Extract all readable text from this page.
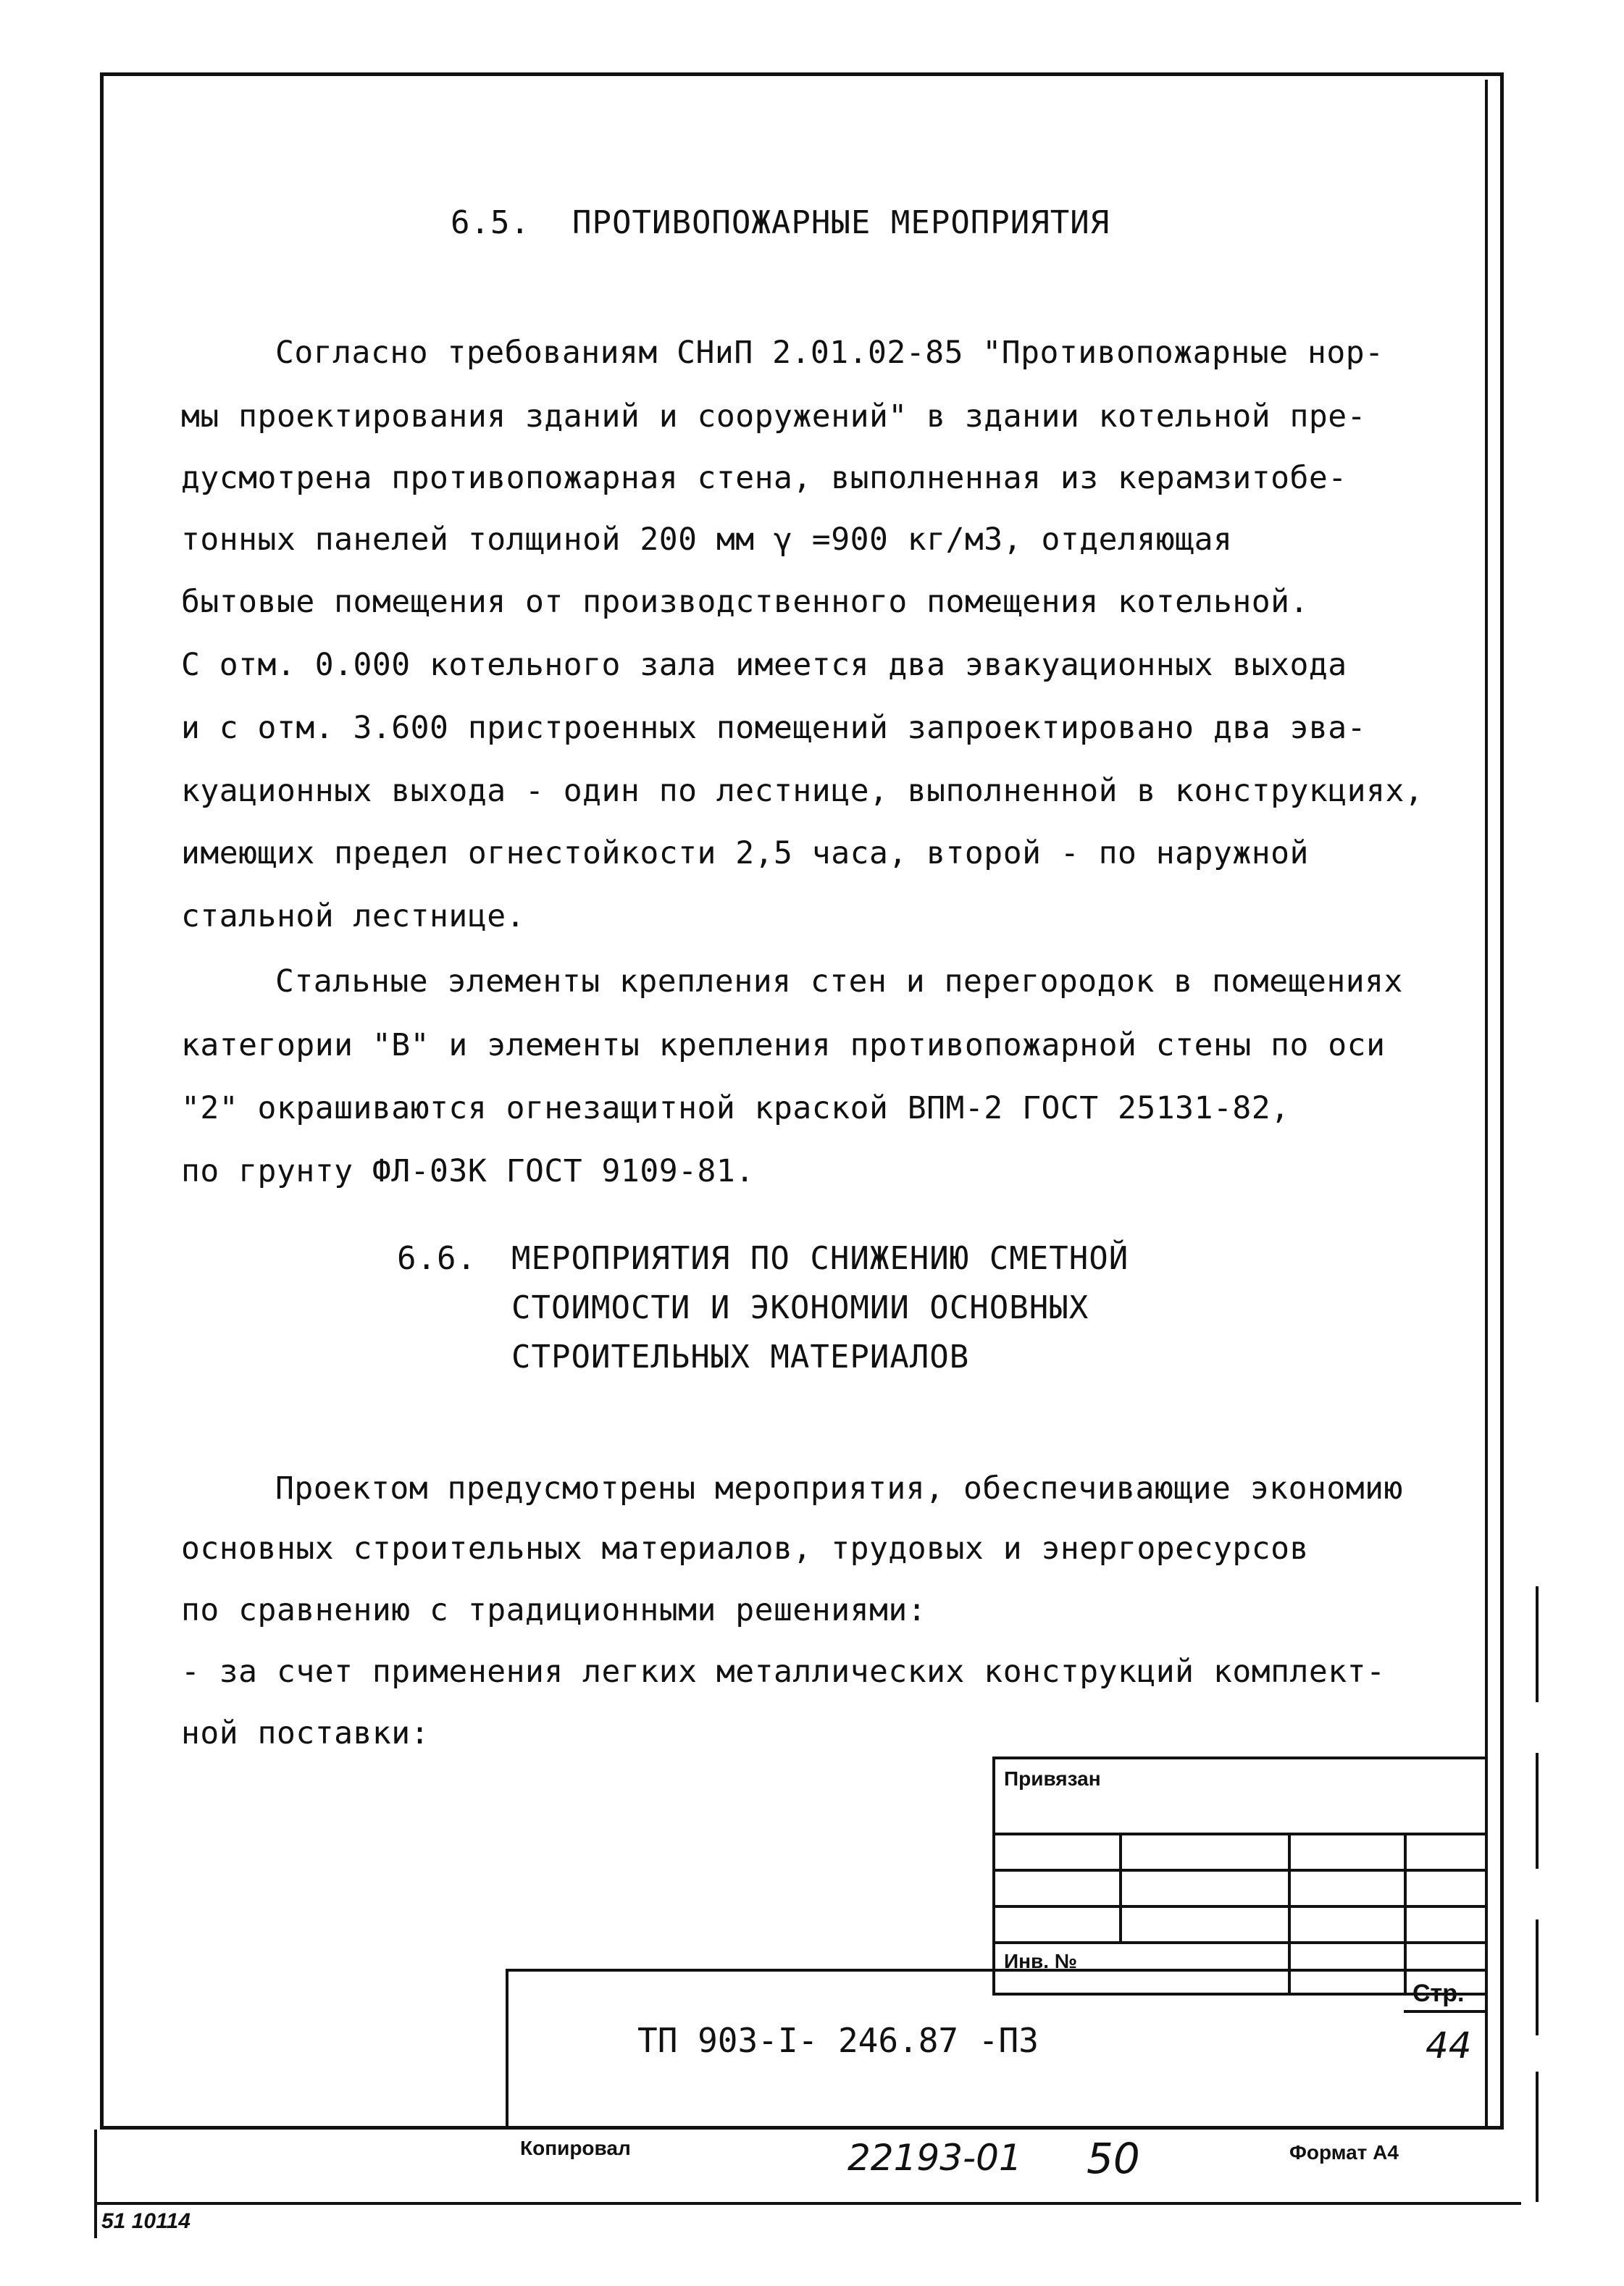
6.5. ПРОТИВОПОЖАРНЫЕ МЕРОПРИЯТИЯ
Согласно требованиям СНиП 2.01.02-85 "Противопожарные нор-
мы проектирования зданий и сооружений" в здании котельной пре-
дусмотрена противопожарная стена, выполненная из керамзитобе-
тонных панелей толщиной 200 мм γ =900 кг/м3, отделяющая
бытовые помещения от производственного помещения котельной.
С отм. 0.000 котельного зала имеется два эвакуационных выхода
и с отм. 3.600 пристроенных помещений запроектировано два эва-
куационных выхода - один по лестнице, выполненной в конструкциях,
имеющих предел огнестойкости 2,5 часа, второй - по наружной
стальной лестнице.
Стальные элементы крепления стен и перегородок в помещениях
категории "В" и элементы крепления противопожарной стены по оси
"2" окрашиваются огнезащитной краской ВПМ-2 ГОСТ 25131-82,
по грунту ФЛ-03К ГОСТ 9109-81.
6.6. МЕРОПРИЯТИЯ ПО СНИЖЕНИЮ СМЕТНОЙ
СТОИМОСТИ И ЭКОНОМИИ ОСНОВНЫХ
СТРОИТЕЛЬНЫХ МАТЕРИАЛОВ
Проектом предусмотрены мероприятия, обеспечивающие экономию
основных строительных материалов, трудовых и энергоресурсов
по сравнению с традиционными решениями:
- за счет применения легких металлических конструкций комплект-
ной поставки:
Привязан
Инв. №
ТП 903-I- 246.87 -ПЗ
Стр.
44
Копировал	22193-01 50	Формат А4
51 10114
